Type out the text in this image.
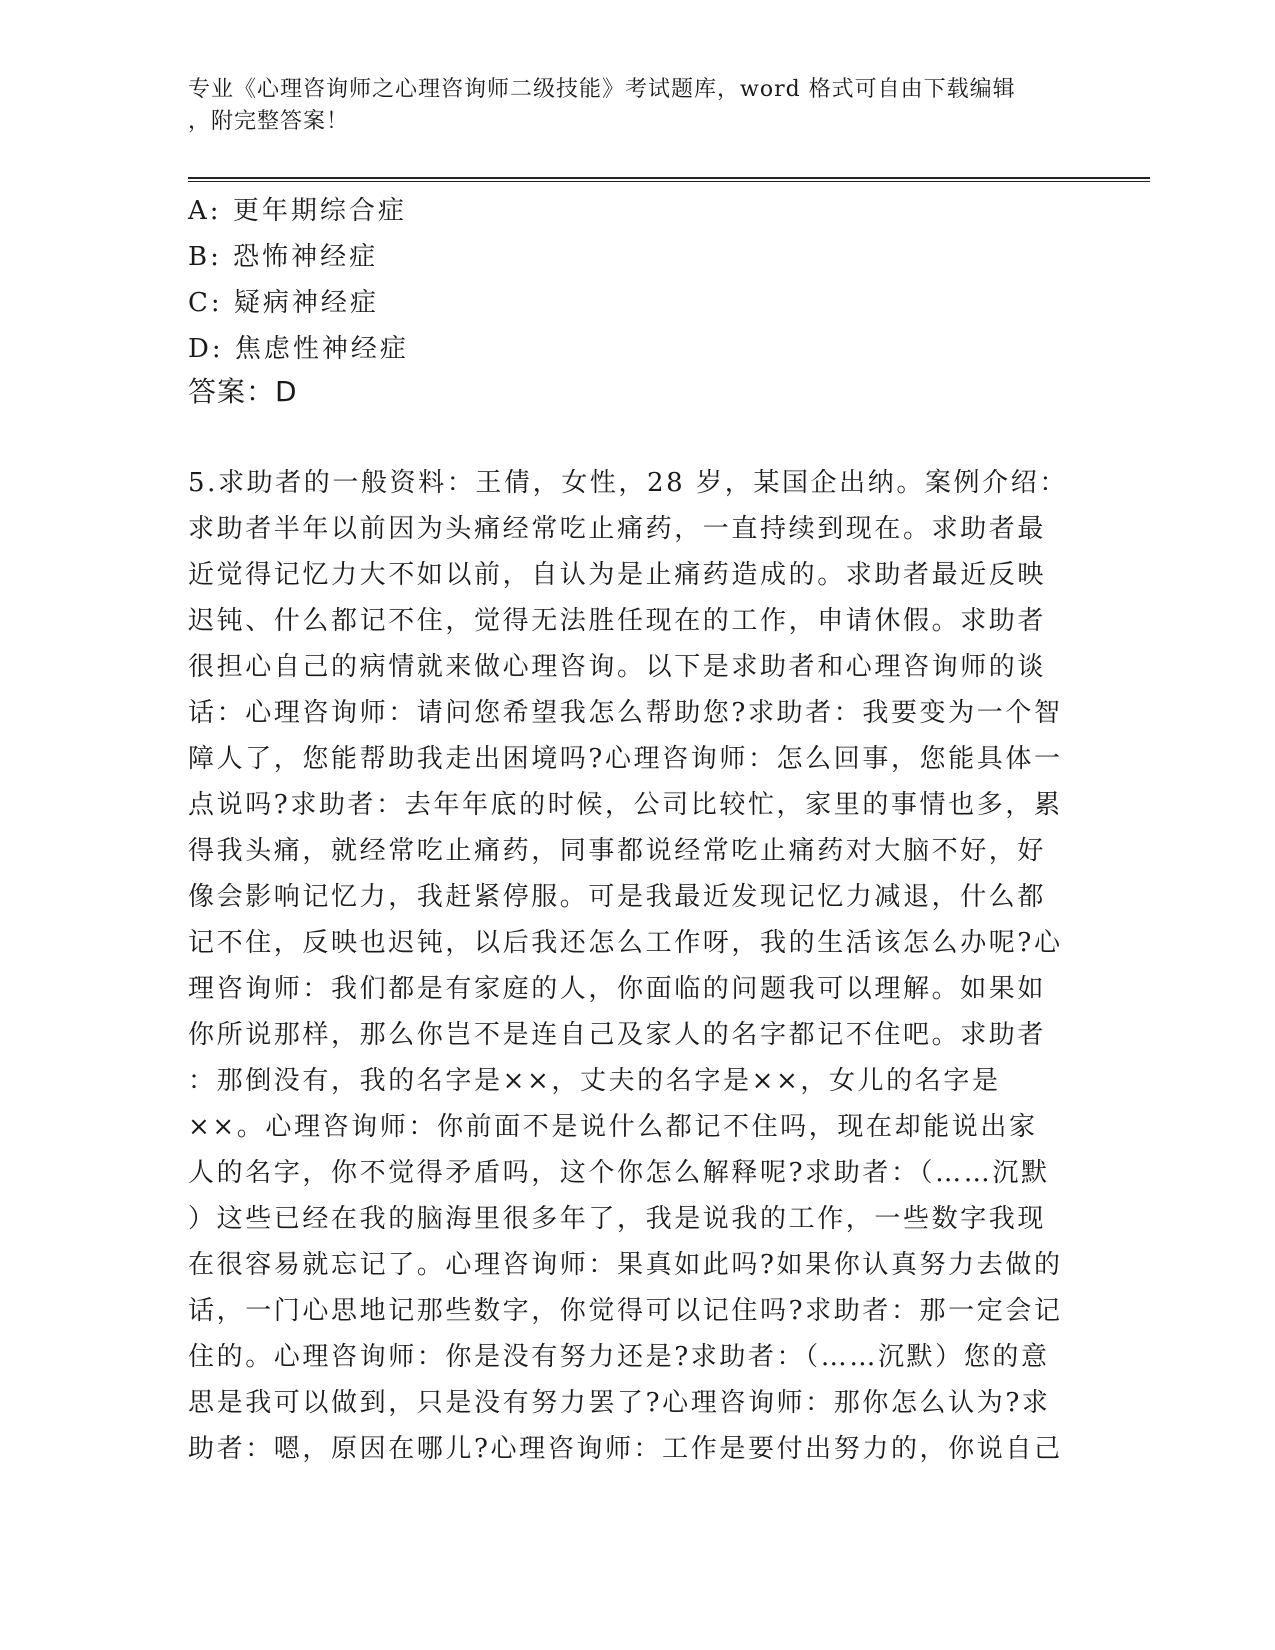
专业《心理咨询师之心理咨询师二级技能》考试题库，word 格式可自由下载编辑
，附完整答案！
A: 更年期综合症
B: 恐怖神经症
C: 疑病神经症
D: 焦虑性神经症
答案：D
5.求助者的一般资料：王倩，女性，28 岁，某国企出纳。案例介绍：
求助者半年以前因为头痛经常吃止痛药，一直持续到现在。求助者最
近觉得记忆力大不如以前，自认为是止痛药造成的。求助者最近反映
迟钝、什么都记不住，觉得无法胜任现在的工作，申请休假。求助者
很担心自己的病情就来做心理咨询。以下是求助者和心理咨询师的谈
话：心理咨询师：请问您希望我怎么帮助您?求助者：我要变为一个智
障人了，您能帮助我走出困境吗?心理咨询师：怎么回事，您能具体一
点说吗?求助者：去年年底的时候，公司比较忙，家里的事情也多，累
得我头痛，就经常吃止痛药，同事都说经常吃止痛药对大脑不好，好
像会影响记忆力，我赶紧停服。可是我最近发现记忆力减退，什么都
记不住，反映也迟钝，以后我还怎么工作呀，我的生活该怎么办呢?心
理咨询师：我们都是有家庭的人，你面临的问题我可以理解。如果如
你所说那样，那么你岂不是连自己及家人的名字都记不住吧。求助者
：那倒没有，我的名字是××，丈夫的名字是××，女儿的名字是
××。心理咨询师：你前面不是说什么都记不住吗，现在却能说出家
人的名字，你不觉得矛盾吗，这个你怎么解释呢?求助者：（……沉默
）这些已经在我的脑海里很多年了，我是说我的工作，一些数字我现
在很容易就忘记了。心理咨询师：果真如此吗?如果你认真努力去做的
话，一门心思地记那些数字，你觉得可以记住吗?求助者：那一定会记
住的。心理咨询师：你是没有努力还是?求助者：（……沉默）您的意
思是我可以做到，只是没有努力罢了?心理咨询师：那你怎么认为?求
助者：嗯，原因在哪儿?心理咨询师：工作是要付出努力的，你说自己
